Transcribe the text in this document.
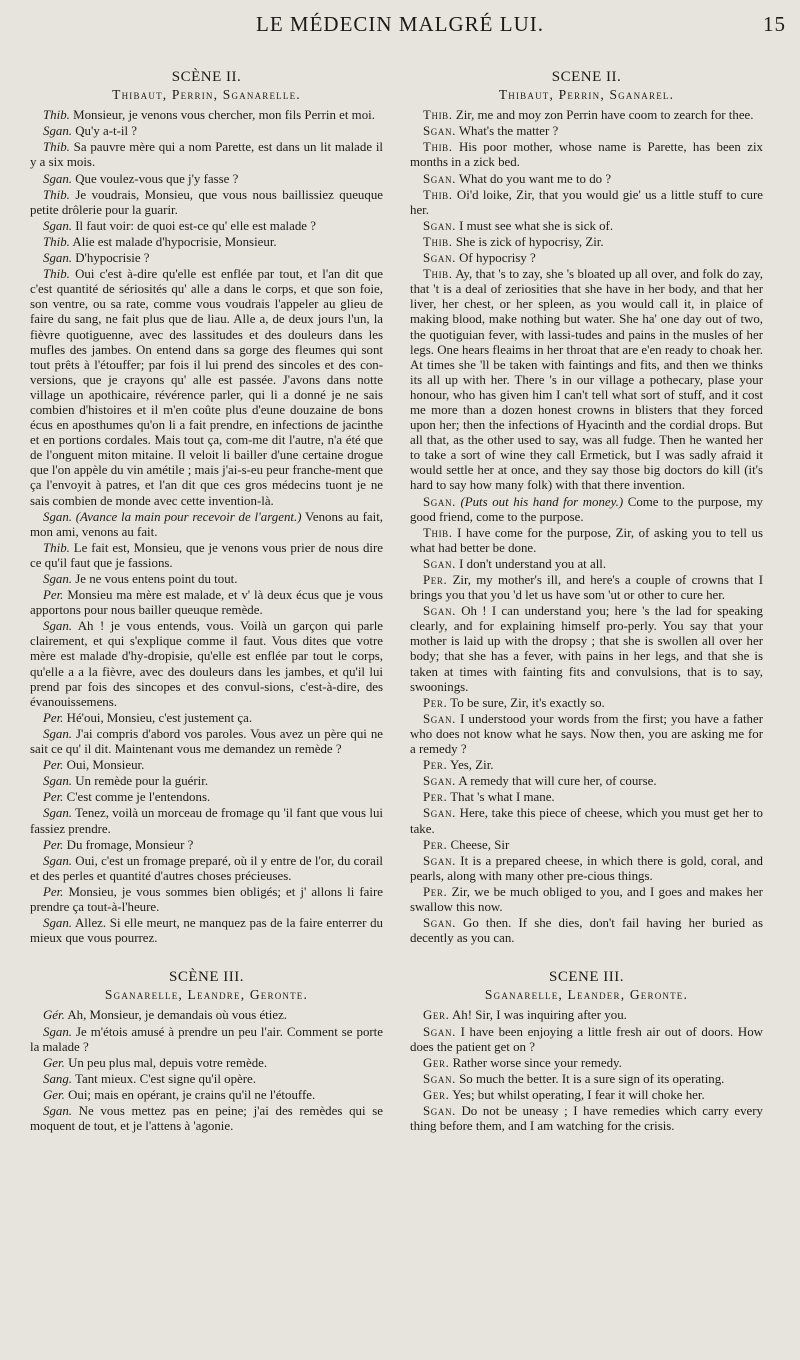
LE MÉDECIN MALGRÉ LUI.	15
SCÈNE II.
Thibaut, Perrin, Sganarelle.

Thib. Monsieur, je venons vous chercher, mon fils Perrin et moi.

Sgan. Qu'y a-t-il ?

Thib. Sa pauvre mère qui a nom Parette, est dans un lit malade il y a six mois.

Sgan. Que voulez-vous que j'y fasse ?

Thib. Je voudrais, Monsieu, que vous nous baillissiez queuque petite drôlerie pour la guarir.

Sgan. Il faut voir: de quoi est-ce qu' elle est malade ?

Thib. Alie est malade d'hypocrisie, Monsieur.

Sgan. D'hypocrisie ?

Thib. Oui c'est à-dire qu'elle est enflée par tout, et l'an dit que c'est quantité de sériosités qu' alle a dans le corps, et que son foie, son ventre, ou sa rate, comme vous voudrais l'appeler au glieu de faire du sang, ne fait plus que de liau. Alle a, de deux jours l'un, la fièvre quotiguenne, avec des lassitudes et des douleurs dans les mufles des jambes. On entend dans sa gorge des fleumes qui sont tout prêts à l'étouffer; par fois il lui prend des sincoles et des con-versions, que je crayons qu' alle est passée. J'avons dans notte village un apothicaire, révérence parler, qui li a donné je ne sais combien d'histoires et il m'en coûte plus d'eune douzaine de bons écus en aposthumes qu'on li a fait prendre, en infections de jacinthe et en portions cordales. Mais tout ça, com-me dit l'autre, n'a été que de l'onguent miton mitaine. Il veloit li bailler d'une certaine drogue que l'on appèle du vin amétile ; mais j'ai-s-eu peur franche-ment que ça l'envoyit à patres, et l'an dit que ces gros médecins tuont je ne sais combien de monde avec cette invention-là.

Sgan. (Avance la main pour recevoir de l'argent.) Venons au fait, mon ami, venons au fait.

Thib. Le fait est, Monsieu, que je venons vous prier de nous dire ce qu'il faut que je fassions.

Sgan. Je ne vous entens point du tout.

Per. Monsieu ma mère est malade, et v' là deux écus que je vous apportons pour nous bailler queuque remède.

Sgan. Ah ! je vous entends, vous. Voilà un garçon qui parle clairement, et qui s'explique comme il faut. Vous dites que votre mère est malade d'hy-dropisie, qu'elle est enflée par tout le corps, qu'elle a a la fièvre, avec des douleurs dans les jambes, et qu'il lui prend par fois des sincopes et des convul-sions, c'est-à-dire, des évanouissemens.

Per. Hé'oui, Monsieu, c'est justement ça.

Sgan. J'ai compris d'abord vos paroles. Vous avez un père qui ne sait ce qu' il dit. Maintenant vous me demandez un remède ?

Per. Oui, Monsieur.

Sgan. Un remède pour la guérir.

Per. C'est comme je l'entendons.

Sgan. Tenez, voilà un morceau de fromage qu 'il fant que vous lui fassiez prendre.

Per. Du fromage, Monsieur ?

Sgan. Oui, c'est un fromage preparé, où il y entre de l'or, du corail et des perles et quantité d'autres choses précieuses.

Per. Monsieu, je vous sommes bien obligés; et j' allons li faire prendre ça tout-à-l'heure.

Sgan. Allez. Si elle meurt, ne manquez pas de la faire enterrer du mieux que vous pourrez.

SCÈNE III.
Sganarelle, Leandre, Geronte.

Gér. Ah, Monsieur, je demandais où vous étiez.

Sgan. Je m'étois amusé à prendre un peu l'air. Comment se porte la malade ?

Ger. Un peu plus mal, depuis votre remède.

Sang. Tant mieux. C'est signe qu'il opère.

Ger. Oui; mais en opérant, je crains qu'il ne l'étouffe.

Sgan. Ne vous mettez pas en peine; j'ai des remèdes qui se moquent de tout, et je l'attens à 'agonie.

SCENE II.
Thibaut, Perrin, Sganarel.

Thib. Zir, me and moy zon Perrin have coom to zearch for thee.

Sgan. What's the matter ?

Thib. His poor mother, whose name is Parette, has been zix months in a zick bed.

Sgan. What do you want me to do ?

Thib. Oi'd loike, Zir, that you would gie' us a little stuff to cure her.

Sgan. I must see what she is sick of.

Thib. She is zick of hypocrisy, Zir.

Sgan. Of hypocrisy ?

Thib. Ay, that 's to zay, she 's bloated up all over, and folk do zay, that 't is a deal of zeriosities that she have in her body, and that her liver, her chest, or her spleen, as you would call it, in plaice of making blood, make nothing but water. She ha' one day out of two, the quotiguian fever, with lassi-tudes and pains in the musles of her legs. One hears fleaims in her throat that are e'en ready to choak her. At times she 'll be taken with faintings and fits, and then we thinks its all up with her. There 's in our village a pothecary, plase your honour, who has given him I can't tell what sort of stuff, and it cost me more than a dozen honest crowns in blisters that they forced upon her; then the infections of Hyacinth and the cordial drops. But all that, as the other used to say, was all fudge. Then he wanted her to take a sort of wine they call Ermetick, but I was sadly afraid it would settle her at once, and they say those big doctors do kill (it's hard to say how many folk) with that there invention.

Sgan. (Puts out his hand for money.) Come to the purpose, my good friend, come to the purpose.

Thib. I have come for the purpose, Zir, of asking you to tell us what had better be done.

Sgan. I don't understand you at all.

Per. Zir, my mother's ill, and here's a couple of crowns that I brings you that you 'd let us have som 'ut or other to cure her.

Sgan. Oh ! I can understand you; here 's the lad for speaking clearly, and for explaining himself pro-perly. You say that your mother is laid up with the dropsy ; that she is swollen all over her body; that she has a fever, with pains in her legs, and that she is taken at times with fainting fits and convulsions, that is to say, swoonings.

Per. To be sure, Zir, it's exactly so.

Sgan. I understood your words from the first; you have a father who does not know what he says. Now then, you are asking me for a remedy ?

Per. Yes, Zir.

Sgan. A remedy that will cure her, of course.

Per. That 's what I mane.

Sgan. Here, take this piece of cheese, which you must get her to take.

Per. Cheese, Sir

Sgan. It is a prepared cheese, in which there is gold, coral, and pearls, along with many other pre-cious things.

Per. Zir, we be much obliged to you, and I goes and makes her swallow this now.

Sgan. Go then. If she dies, don't fail having her buried as decently as you can.

SCENE III.
Sganarelle, Leander, Geronte.

Ger. Ah! Sir, I was inquiring after you.

Sgan. I have been enjoying a little fresh air out of doors. How does the patient get on ?

Ger. Rather worse since your remedy.

Sgan. So much the better. It is a sure sign of its operating.

Ger. Yes; but whilst operating, I fear it will choke her.

Sgan. Do not be uneasy ; I have remedies which carry every thing before them, and I am watching for the crisis.
